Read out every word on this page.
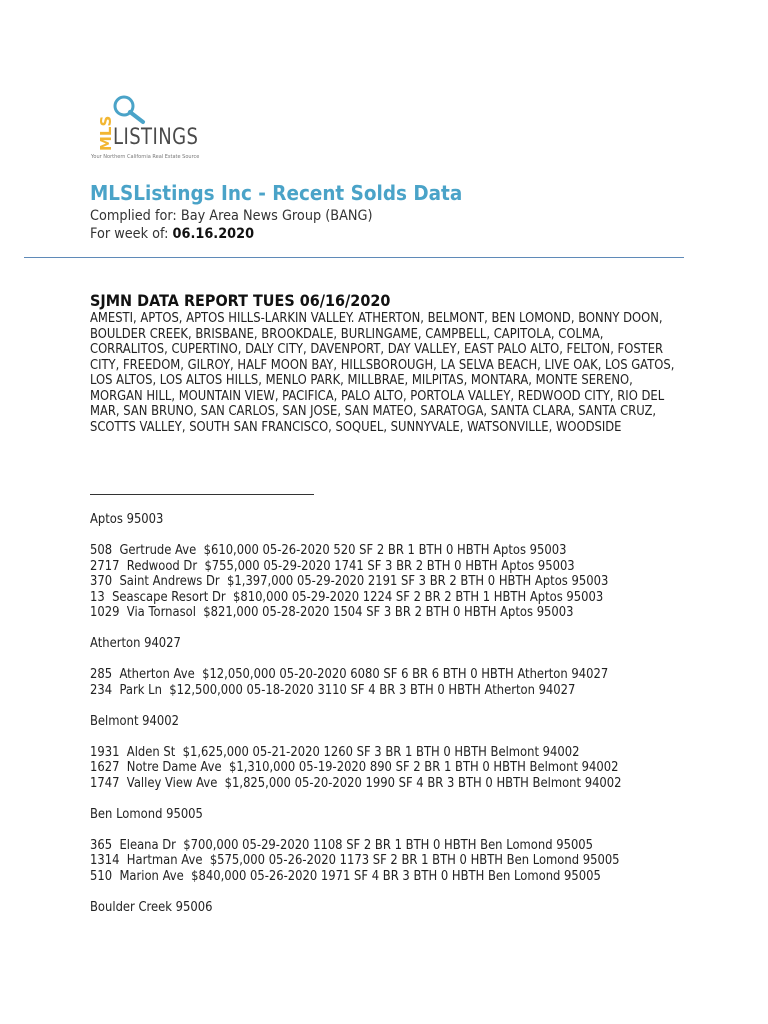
MLS
LISTINGS
Your Northern California Real Estate Source
MLSListings Inc - Recent Solds Data
Complied for: Bay Area News Group (BANG)
For week of: 06.16.2020
SJMN DATA REPORT TUES 06/16/2020
AMESTI, APTOS, APTOS HILLS-LARKIN VALLEY. ATHERTON, BELMONT, BEN LOMOND, BONNY DOON, BOULDER CREEK, BRISBANE, BROOKDALE, BURLINGAME, CAMPBELL, CAPITOLA, COLMA, CORRALITOS, CUPERTINO, DALY CITY, DAVENPORT, DAY VALLEY, EAST PALO ALTO, FELTON, FOSTER CITY, FREEDOM, GILROY, HALF MOON BAY, HILLSBOROUGH, LA SELVA BEACH, LIVE OAK, LOS GATOS, LOS ALTOS, LOS ALTOS HILLS, MENLO PARK, MILLBRAE, MILPITAS, MONTARA, MONTE SERENO, MORGAN HILL, MOUNTAIN VIEW, PACIFICA, PALO ALTO, PORTOLA VALLEY, REDWOOD CITY, RIO DEL MAR, SAN BRUNO, SAN CARLOS, SAN JOSE, SAN MATEO, SARATOGA, SANTA CLARA, SANTA CRUZ, SCOTTS VALLEY, SOUTH SAN FRANCISCO, SOQUEL, SUNNYVALE, WATSONVILLE, WOODSIDE
Aptos 95003
508  Gertrude Ave  $610,000 05-26-2020 520 SF 2 BR 1 BTH 0 HBTH Aptos 95003
2717  Redwood Dr  $755,000 05-29-2020 1741 SF 3 BR 2 BTH 0 HBTH Aptos 95003
370  Saint Andrews Dr  $1,397,000 05-29-2020 2191 SF 3 BR 2 BTH 0 HBTH Aptos 95003
13  Seascape Resort Dr  $810,000 05-29-2020 1224 SF 2 BR 2 BTH 1 HBTH Aptos 95003
1029  Via Tornasol  $821,000 05-28-2020 1504 SF 3 BR 2 BTH 0 HBTH Aptos 95003
Atherton 94027
285  Atherton Ave  $12,050,000 05-20-2020 6080 SF 6 BR 6 BTH 0 HBTH Atherton 94027
234  Park Ln  $12,500,000 05-18-2020 3110 SF 4 BR 3 BTH 0 HBTH Atherton 94027
Belmont 94002
1931  Alden St  $1,625,000 05-21-2020 1260 SF 3 BR 1 BTH 0 HBTH Belmont 94002
1627  Notre Dame Ave  $1,310,000 05-19-2020 890 SF 2 BR 1 BTH 0 HBTH Belmont 94002
1747  Valley View Ave  $1,825,000 05-20-2020 1990 SF 4 BR 3 BTH 0 HBTH Belmont 94002
Ben Lomond 95005
365  Eleana Dr  $700,000 05-29-2020 1108 SF 2 BR 1 BTH 0 HBTH Ben Lomond 95005
1314  Hartman Ave  $575,000 05-26-2020 1173 SF 2 BR 1 BTH 0 HBTH Ben Lomond 95005
510  Marion Ave  $840,000 05-26-2020 1971 SF 4 BR 3 BTH 0 HBTH Ben Lomond 95005
Boulder Creek 95006
